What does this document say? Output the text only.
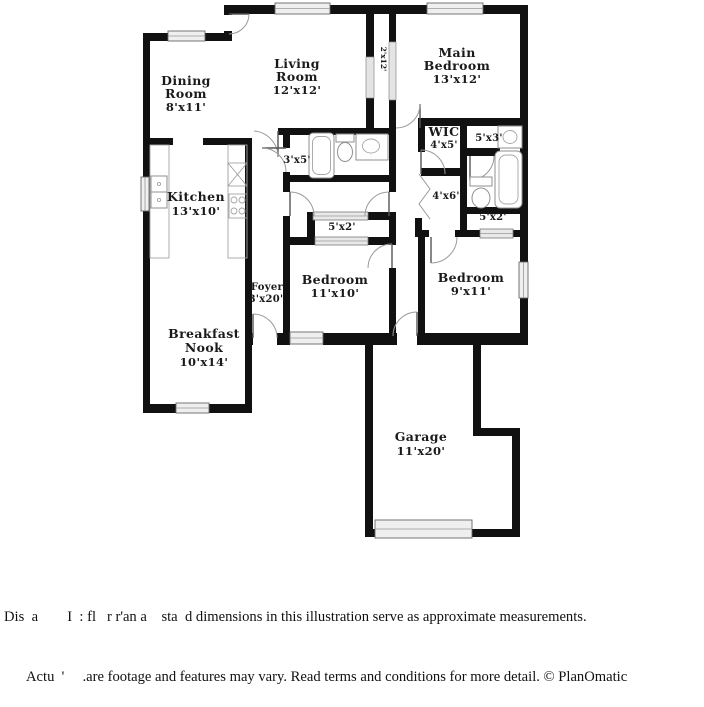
Dining
Room
8'x11'
Living
Room
12'x12'
2'x12'	Main
Bedroom
13'x12'
WIC
4'x5'
5'x3'
3'x5'
Kitchen
13'x10'
4'x6'
5'x2'
5'x2'
Foyer
3'x20'
Bedroom
11'x10'
Bedroom
9'x11'
Breakfast
Nook
10'x14'
Garage
11'x20'

Dis  a        I  : fl   r r'an a    sta  d dimensions in this illustration serve as approximate measurements.

Actu  '     .are footage and features may vary. Read terms and conditions for more detail. © PlanOmatic
